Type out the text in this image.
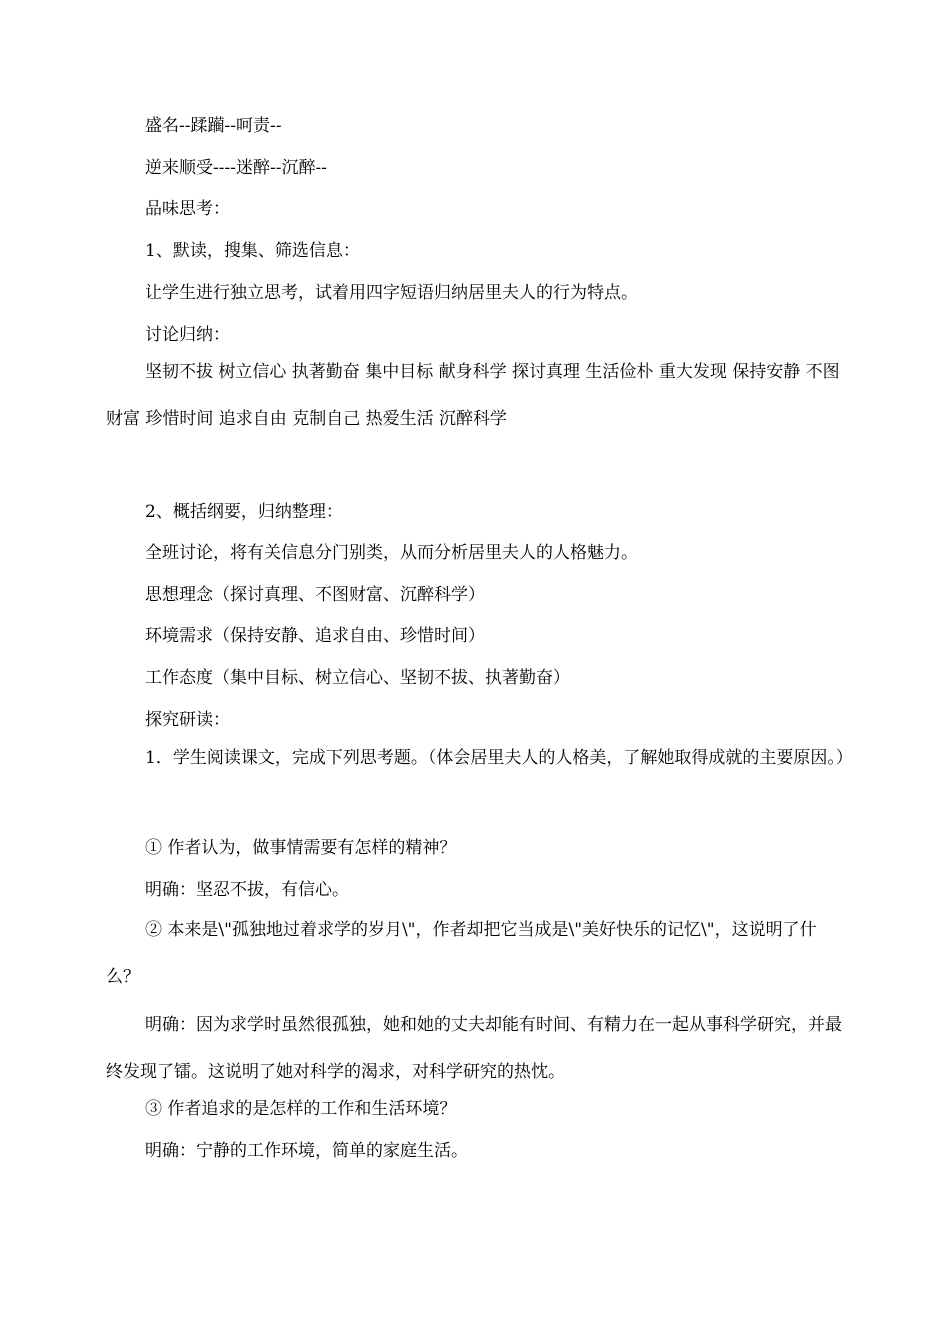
盛名--蹂躏--呵责--

逆来顺受----迷醉--沉醉--

品味思考：

1、默读，搜集、筛选信息：

让学生进行独立思考，试着用四字短语归纳居里夫人的行为特点。

讨论归纳：

坚韧不拔 树立信心 执著勤奋 集中目标 献身科学 探讨真理 生活俭朴 重大发现 保持安静 不图财富 珍惜时间 追求自由 克制自己 热爱生活 沉醉科学

2、概括纲要，归纳整理：

全班讨论，将有关信息分门别类，从而分析居里夫人的人格魅力。

思想理念（探讨真理、不图财富、沉醉科学）

环境需求（保持安静、追求自由、珍惜时间）

工作态度（集中目标、树立信心、坚韧不拔、执著勤奋）

探究研读：

1．学生阅读课文，完成下列思考题。（体会居里夫人的人格美，了解她取得成就的主要原因。）

① 作者认为，做事情需要有怎样的精神？

明确：坚忍不拔，有信心。

② 本来是\"孤独地过着求学的岁月\"，作者却把它当成是\"美好快乐的记忆\"，这说明了什么？

明确：因为求学时虽然很孤独，她和她的丈夫却能有时间、有精力在一起从事科学研究，并最终发现了镭。这说明了她对科学的渴求，对科学研究的热忱。

③ 作者追求的是怎样的工作和生活环境？

明确：宁静的工作环境，简单的家庭生活。
